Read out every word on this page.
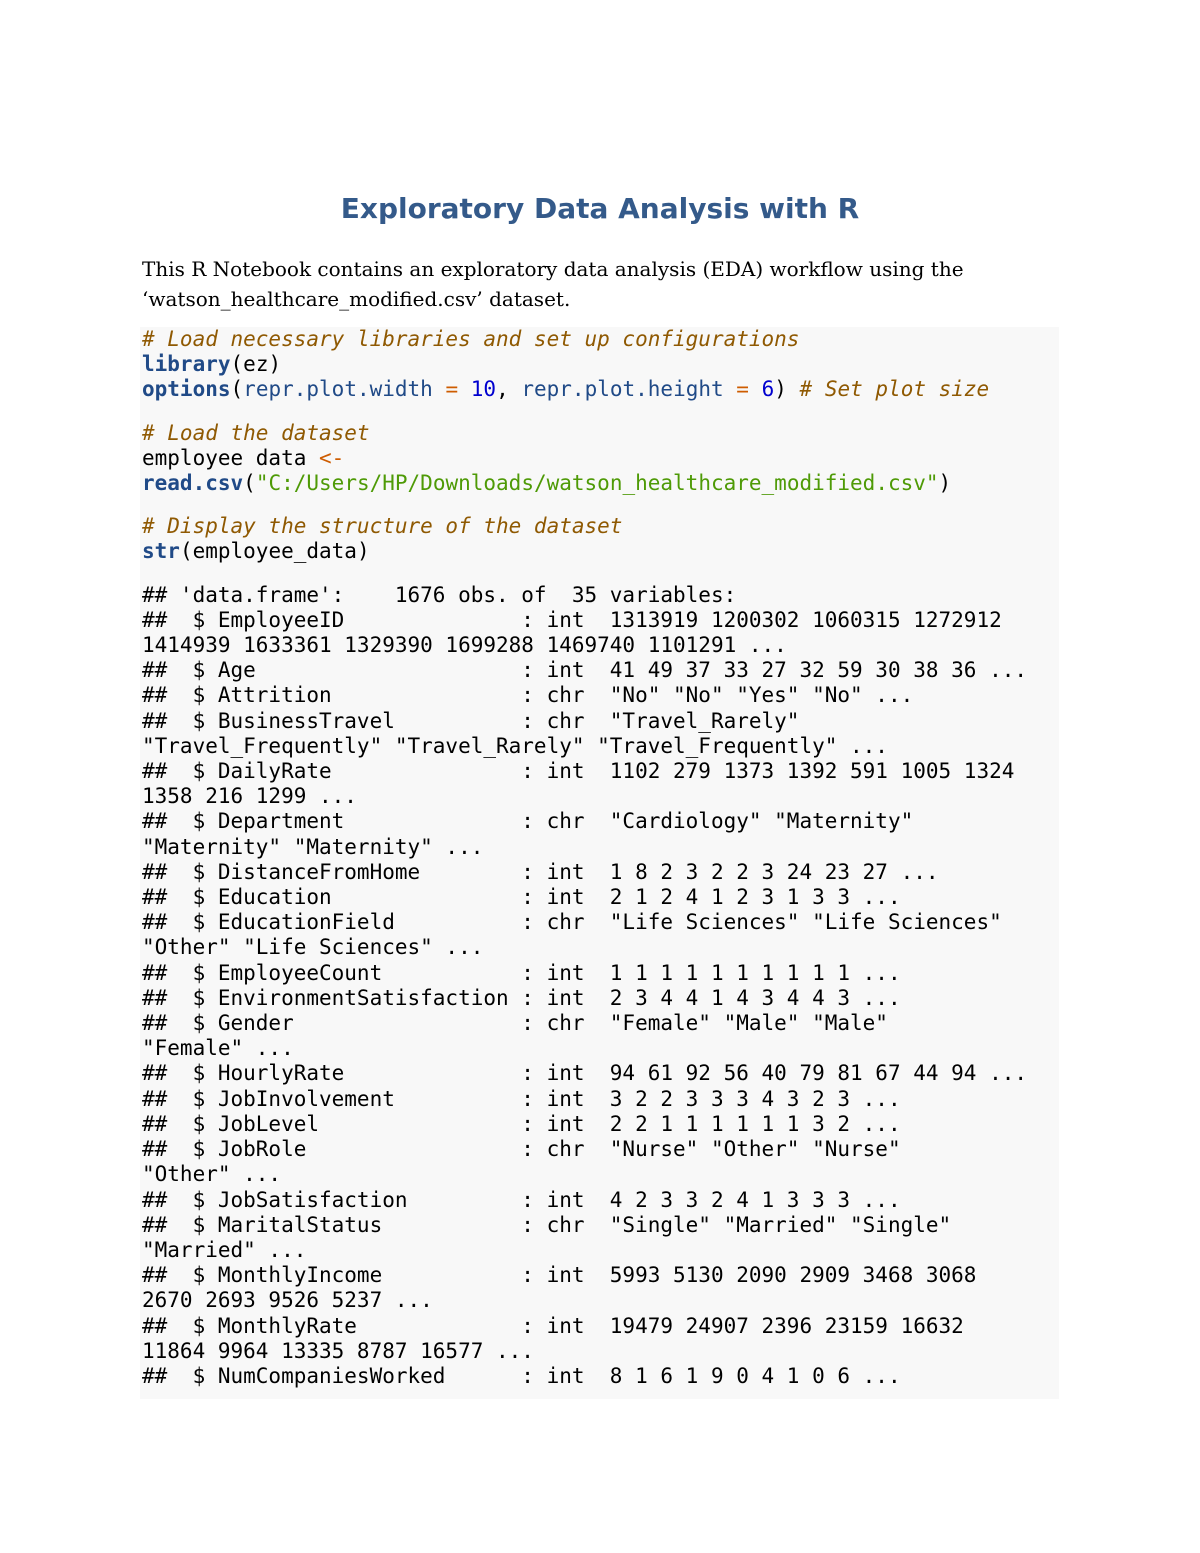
Exploratory Data Analysis with R
This R Notebook contains an exploratory data analysis (EDA) workflow using the
‘watson_healthcare_modified.csv’ dataset.
# Load necessary libraries and set up configurations
library(ez)
options(repr.plot.width = 10, repr.plot.height = 6) # Set plot size
# Load the dataset
employee data <-
read.csv("C:/Users/HP/Downloads/watson_healthcare_modified.csv")
# Display the structure of the dataset
str(employee_data)
## 'data.frame':    1676 obs. of  35 variables:
##  $ EmployeeID              : int  1313919 1200302 1060315 1272912
1414939 1633361 1329390 1699288 1469740 1101291 ...
##  $ Age                     : int  41 49 37 33 27 32 59 30 38 36 ...
##  $ Attrition               : chr  "No" "No" "Yes" "No" ...
##  $ BusinessTravel          : chr  "Travel_Rarely"
"Travel_Frequently" "Travel_Rarely" "Travel_Frequently" ...
##  $ DailyRate               : int  1102 279 1373 1392 591 1005 1324
1358 216 1299 ...
##  $ Department              : chr  "Cardiology" "Maternity"
"Maternity" "Maternity" ...
##  $ DistanceFromHome        : int  1 8 2 3 2 2 3 24 23 27 ...
##  $ Education               : int  2 1 2 4 1 2 3 1 3 3 ...
##  $ EducationField          : chr  "Life Sciences" "Life Sciences"
"Other" "Life Sciences" ...
##  $ EmployeeCount           : int  1 1 1 1 1 1 1 1 1 1 ...
##  $ EnvironmentSatisfaction : int  2 3 4 4 1 4 3 4 4 3 ...
##  $ Gender                  : chr  "Female" "Male" "Male"
"Female" ...
##  $ HourlyRate              : int  94 61 92 56 40 79 81 67 44 94 ...
##  $ JobInvolvement          : int  3 2 2 3 3 3 4 3 2 3 ...
##  $ JobLevel                : int  2 2 1 1 1 1 1 1 3 2 ...
##  $ JobRole                 : chr  "Nurse" "Other" "Nurse"
"Other" ...
##  $ JobSatisfaction         : int  4 2 3 3 2 4 1 3 3 3 ...
##  $ MaritalStatus           : chr  "Single" "Married" "Single"
"Married" ...
##  $ MonthlyIncome           : int  5993 5130 2090 2909 3468 3068
2670 2693 9526 5237 ...
##  $ MonthlyRate             : int  19479 24907 2396 23159 16632
11864 9964 13335 8787 16577 ...
##  $ NumCompaniesWorked      : int  8 1 6 1 9 0 4 1 0 6 ...
